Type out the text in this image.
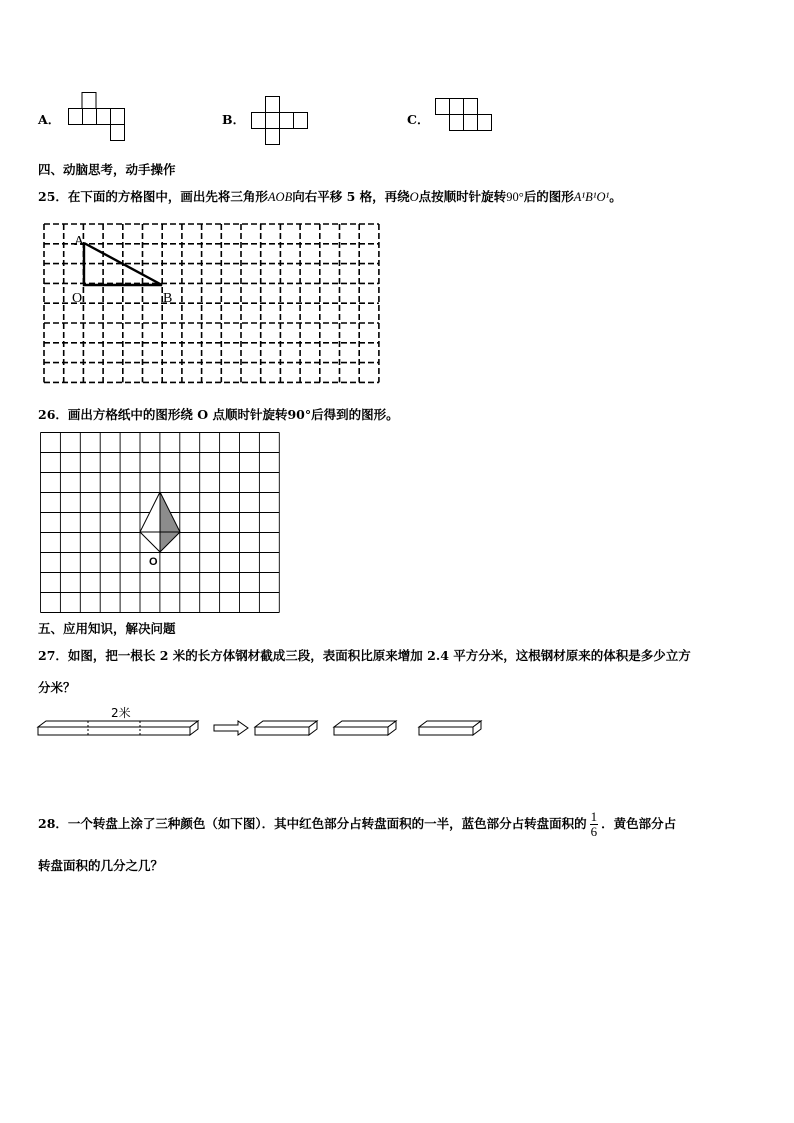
A．	B．	C．
四、动脑思考，动手操作
25．在下面的方格图中，画出先将三角形AOB向右平移 5 格，再绕O点按顺时针旋转90°后的图形A¹B¹O¹。
A
O	B
26．画出方格纸中的图形绕 O 点顺时针旋转90°后得到的图形。
O
五、应用知识，解决问题
27．如图，把一根长 2 米的长方体钢材截成三段，表面积比原来增加 2.4 平方分米，这根钢材原来的体积是多少立方
分米？
2米
28．一个转盘上涂了三种颜色（如下图）．其中红色部分占转盘面积的一半，蓝色部分占转盘面积的 $\frac{1}{6}$ ．黄色部分占
转盘面积的几分之几？
